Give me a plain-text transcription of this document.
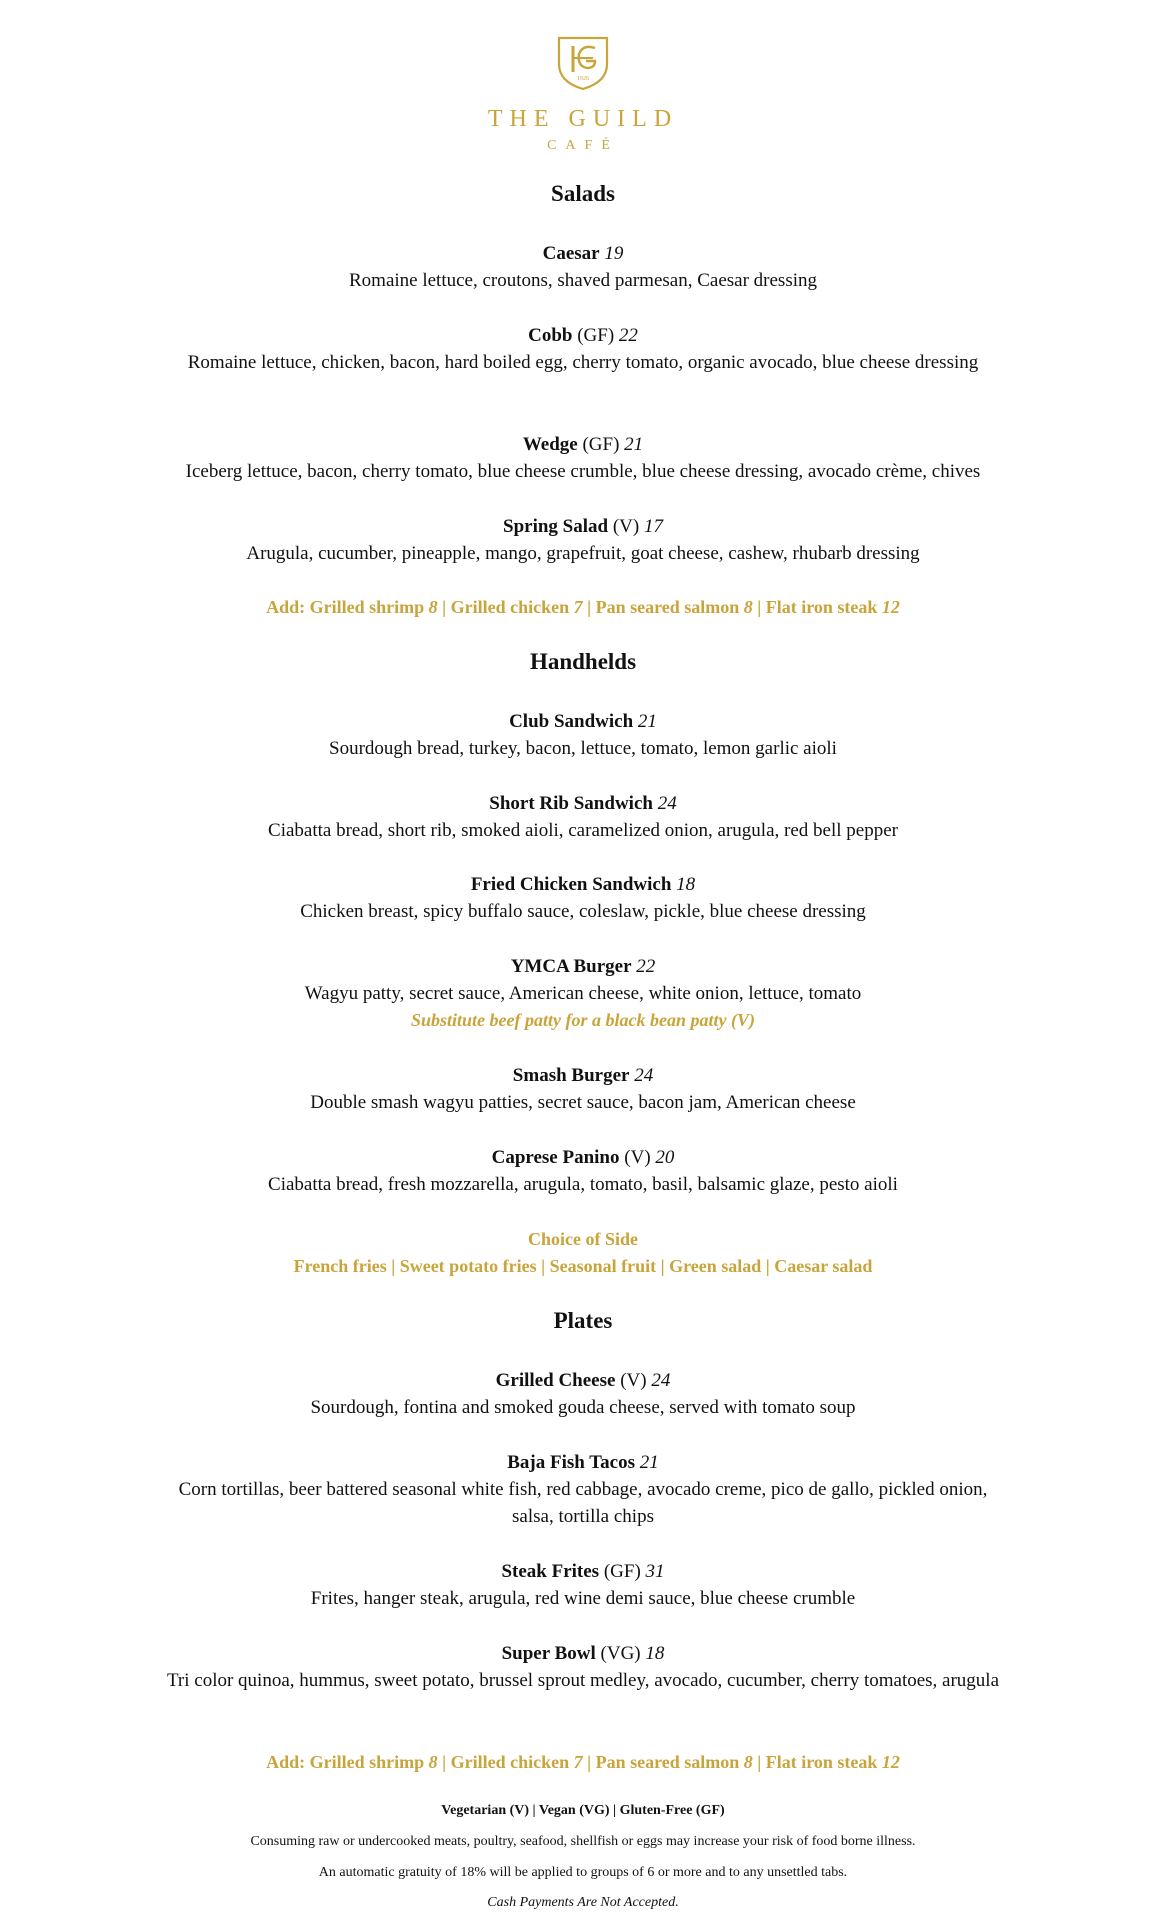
1926
THE GUILD
CAFÉ
Salads
Caesar 19
Romaine lettuce, croutons, shaved parmesan, Caesar dressing
Cobb (GF) 22
Romaine lettuce, chicken, bacon, hard boiled egg, cherry tomato, organic avocado, blue cheese dressing
Wedge (GF) 21
Iceberg lettuce, bacon, cherry tomato, blue cheese crumble, blue cheese dressing, avocado crème, chives
Spring Salad (V) 17
Arugula, cucumber, pineapple, mango, grapefruit, goat cheese, cashew, rhubarb dressing
Add: Grilled shrimp 8 | Grilled chicken 7 | Pan seared salmon 8 | Flat iron steak 12
Handhelds
Club Sandwich 21
Sourdough bread, turkey, bacon, lettuce, tomato, lemon garlic aioli
Short Rib Sandwich 24
Ciabatta bread, short rib, smoked aioli, caramelized onion, arugula, red bell pepper
Fried Chicken Sandwich 18
Chicken breast, spicy buffalo sauce, coleslaw, pickle, blue cheese dressing
YMCA Burger 22
Wagyu patty, secret sauce, American cheese, white onion, lettuce, tomato
Substitute beef patty for a black bean patty (V)
Smash Burger 24
Double smash wagyu patties, secret sauce, bacon jam, American cheese
Caprese Panino (V) 20
Ciabatta bread, fresh mozzarella, arugula, tomato, basil, balsamic glaze, pesto aioli
Choice of Side
French fries | Sweet potato fries | Seasonal fruit | Green salad | Caesar salad
Plates
Grilled Cheese (V) 24
Sourdough, fontina and smoked gouda cheese, served with tomato soup
Baja Fish Tacos 21
Corn tortillas, beer battered seasonal white fish, red cabbage, avocado creme, pico de gallo, pickled onion, salsa, tortilla chips
Steak Frites (GF) 31
Frites, hanger steak, arugula, red wine demi sauce, blue cheese crumble
Super Bowl (VG) 18
Tri color quinoa, hummus, sweet potato, brussel sprout medley, avocado, cucumber, cherry tomatoes, arugula
Add: Grilled shrimp 8 | Grilled chicken 7 | Pan seared salmon 8 | Flat iron steak 12
Vegetarian (V) | Vegan (VG) | Gluten-Free (GF)
Consuming raw or undercooked meats, poultry, seafood, shellfish or eggs may increase your risk of food borne illness.
An automatic gratuity of 18% will be applied to groups of 6 or more and to any unsettled tabs.
Cash Payments Are Not Accepted.
